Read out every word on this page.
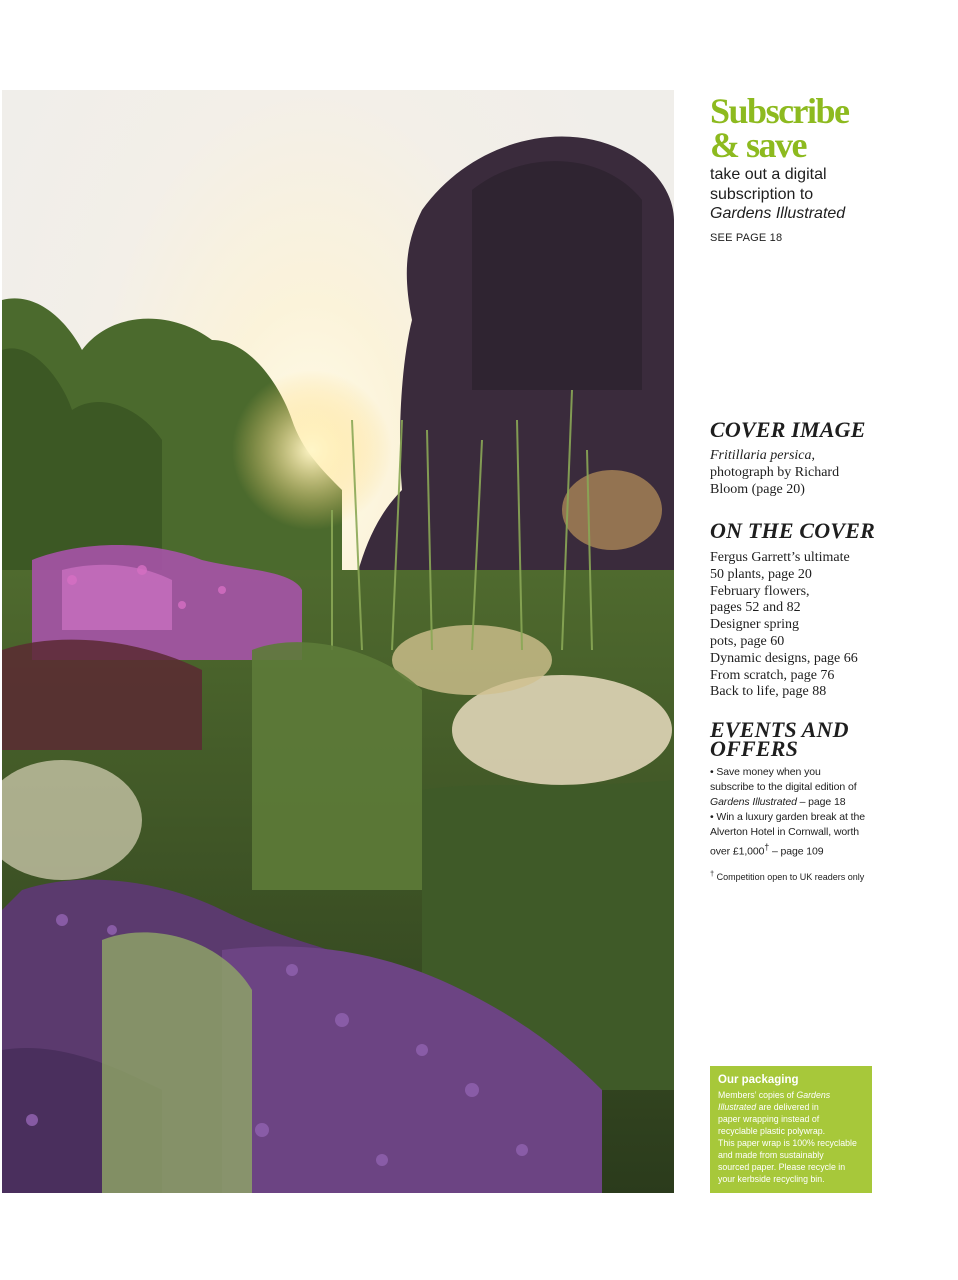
Subscribe
& save
take out a digital
subscription to
Gardens Illustrated
SEE PAGE 18
COVER IMAGE
Fritillaria persica,
photograph by Richard
Bloom (page 20)
ON THE COVER
Fergus Garrett’s ultimate
50 plants, page 20
February flowers,
pages 52 and 82
Designer spring
pots, page 60
Dynamic designs, page 66
From scratch, page 76
Back to life, page 88
EVENTS AND
OFFERS
• Save money when you
subscribe to the digital edition of
Gardens Illustrated – page 18
• Win a luxury garden break at the
Alverton Hotel in Cornwall, worth
over £1,000† – page 109
† Competition open to UK readers only
Our packaging
Members’ copies of Gardens
Illustrated are delivered in
paper wrapping instead of
recyclable plastic polywrap.
This paper wrap is 100% recyclable
and made from sustainably
sourced paper. Please recycle in
your kerbside recycling bin.
